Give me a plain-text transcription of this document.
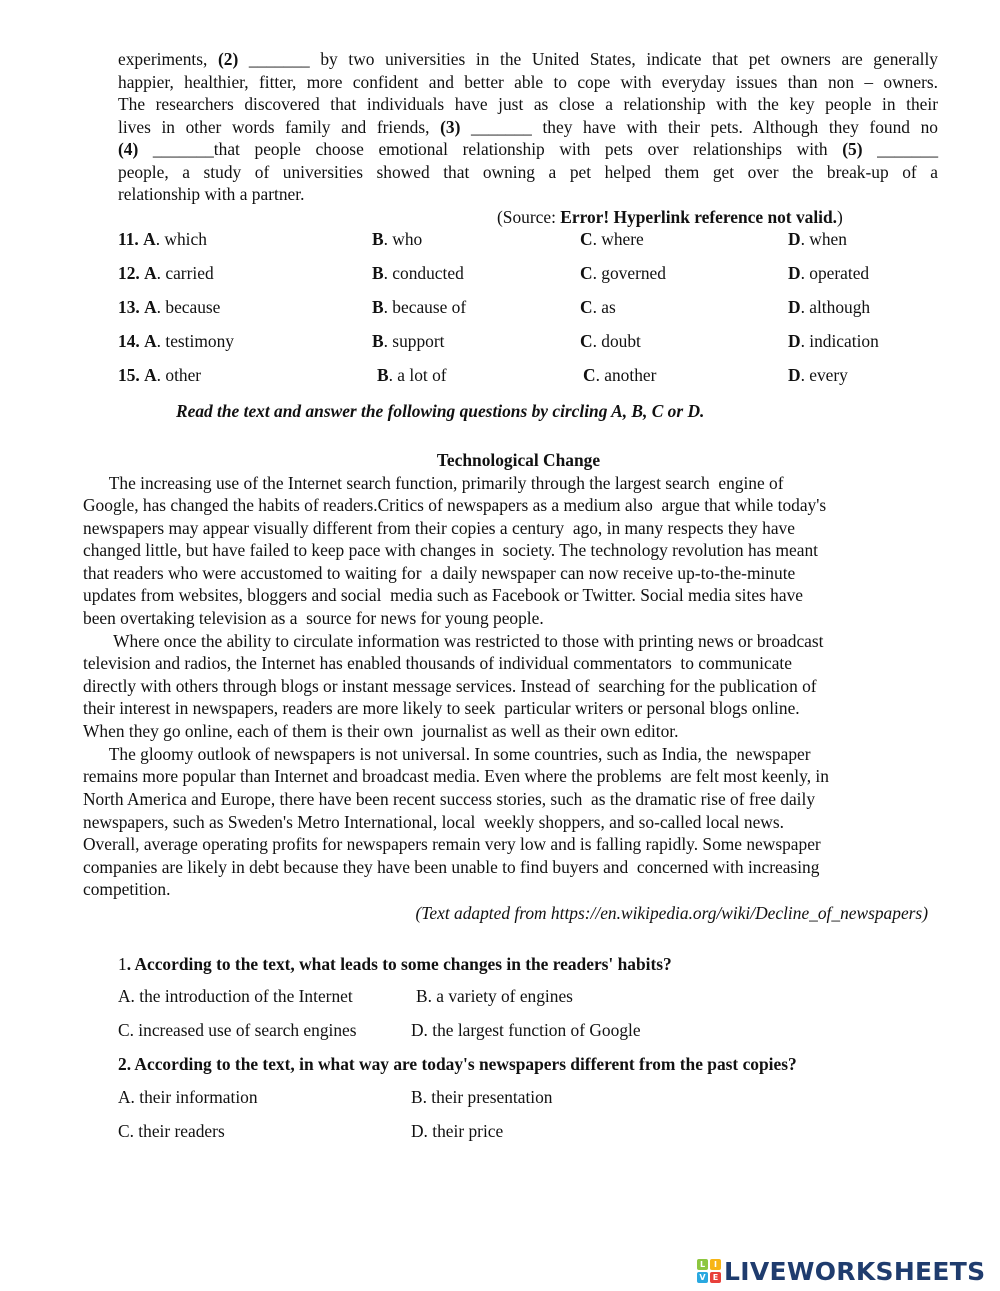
experiments, (2) _______ by two universities in the United States, indicate that pet owners are generally
happier, healthier, fitter, more confident and better able to cope with everyday issues than non – owners.
The researchers discovered that individuals have just as close a relationship with the key people in their
lives in other words family and friends, (3) _______ they have with their pets. Although they found no
(4) _______that people choose emotional relationship with pets over relationships with (5) _______
people, a study of universities showed that owning a pet helped them get over the break-up of a
relationship with a partner.
(Source: Error! Hyperlink reference not valid.)
11. A. which	B. who	C. where	D. when
12. A. carried	B. conducted	C. governed	D. operated
13. A. because	B. because of	C. as	D. although
14. A. testimony	B. support	C. doubt	D. indication
15. A. other	B. a lot of	C. another	D. every
Read the text and answer the following questions by circling A, B, C or D.
Technological Change

The increasing use of the Internet search function, primarily through the largest search  engine of

Google, has changed the habits of readers.Critics of newspapers as a medium also  argue that while today's

newspapers may appear visually different from their copies a century  ago, in many respects they have

changed little, but have failed to keep pace with changes in  society. The technology revolution has meant

that readers who were accustomed to waiting for  a daily newspaper can now receive up-to-the-minute

updates from websites, bloggers and social  media such as Facebook or Twitter. Social media sites have

been overtaking television as a  source for news for young people.

Where once the ability to circulate information was restricted to those with printing news or broadcast

television and radios, the Internet has enabled thousands of individual commentators  to communicate

directly with others through blogs or instant message services. Instead of  searching for the publication of

their interest in newspapers, readers are more likely to seek  particular writers or personal blogs online.

When they go online, each of them is their own  journalist as well as their own editor.

The gloomy outlook of newspapers is not universal. In some countries, such as India, the  newspaper

remains more popular than Internet and broadcast media. Even where the problems  are felt most keenly, in

North America and Europe, there have been recent success stories, such  as the dramatic rise of free daily

newspapers, such as Sweden's Metro International, local  weekly shoppers, and so-called local news.

Overall, average operating profits for newspapers remain very low and is falling rapidly. Some newspaper

companies are likely in debt because they have been unable to find buyers and  concerned with increasing

competition.

(Text adapted from https://en.wikipedia.org/wiki/Decline_of_newspapers)
1. According to the text, what leads to some changes in the readers' habits?
A. the introduction of the Internet	B. a variety of engines
C. increased use of search engines	D. the largest function of Google
2. According to the text, in what way are today's newspapers different from the past copies?
A. their information	B. their presentation
C. their readers	D. their price
L	I
V E LIVEWORKSHEETS
